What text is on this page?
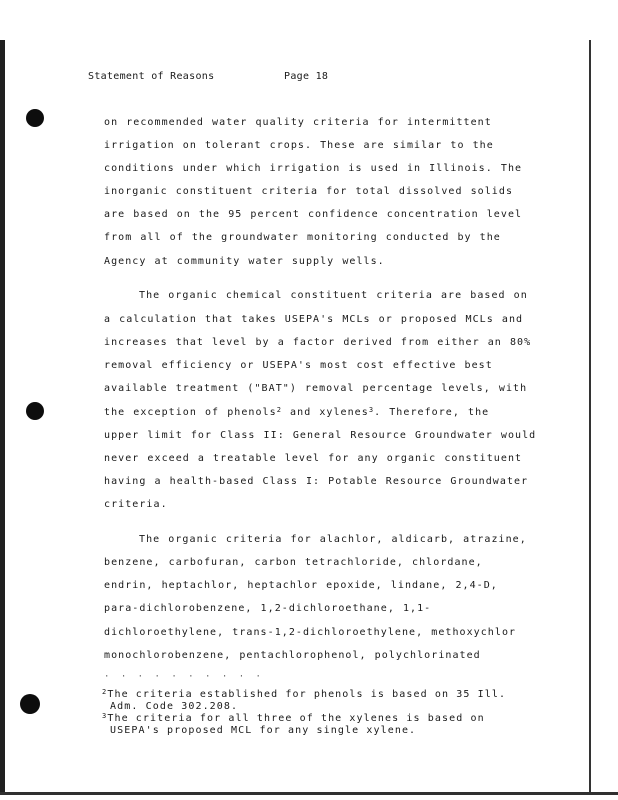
Statement of Reasons	Page 18
on recommended water quality criteria for intermittent
irrigation on tolerant crops. These are similar to the
conditions under which irrigation is used in Illinois. The
inorganic constituent criteria for total dissolved solids
are based on the 95 percent confidence concentration level
from all of the groundwater monitoring conducted by the
Agency at community water supply wells.
The organic chemical constituent criteria are based on
a calculation that takes USEPA's MCLs or proposed MCLs and
increases that level by a factor derived from either an 80%
removal efficiency or USEPA's most cost effective best
available treatment ("BAT") removal percentage levels, with
the exception of phenols$^2$ and xylenes$^3$. Therefore, the
upper limit for Class II: General Resource Groundwater would
never exceed a treatable level for any organic constituent
having a health-based Class I: Potable Resource Groundwater
criteria.
The organic criteria for alachlor, aldicarb, atrazine,
benzene, carbofuran, carbon tetrachloride, chlordane,
endrin, heptachlor, heptachlor epoxide, lindane, 2,4-D,
para-dichlorobenzene, 1,2-dichloroethane, 1,1-
dichloroethylene, trans-1,2-dichloroethylene, methoxychlor
monochlorobenzene, pentachlorophenol, polychlorinated
· · · · · · · · · ·
$^2$The criteria established for phenols is based on 35 Ill.
Adm. Code 302.208.
$^3$The criteria for all three of the xylenes is based on
USEPA's proposed MCL for any single xylene.
